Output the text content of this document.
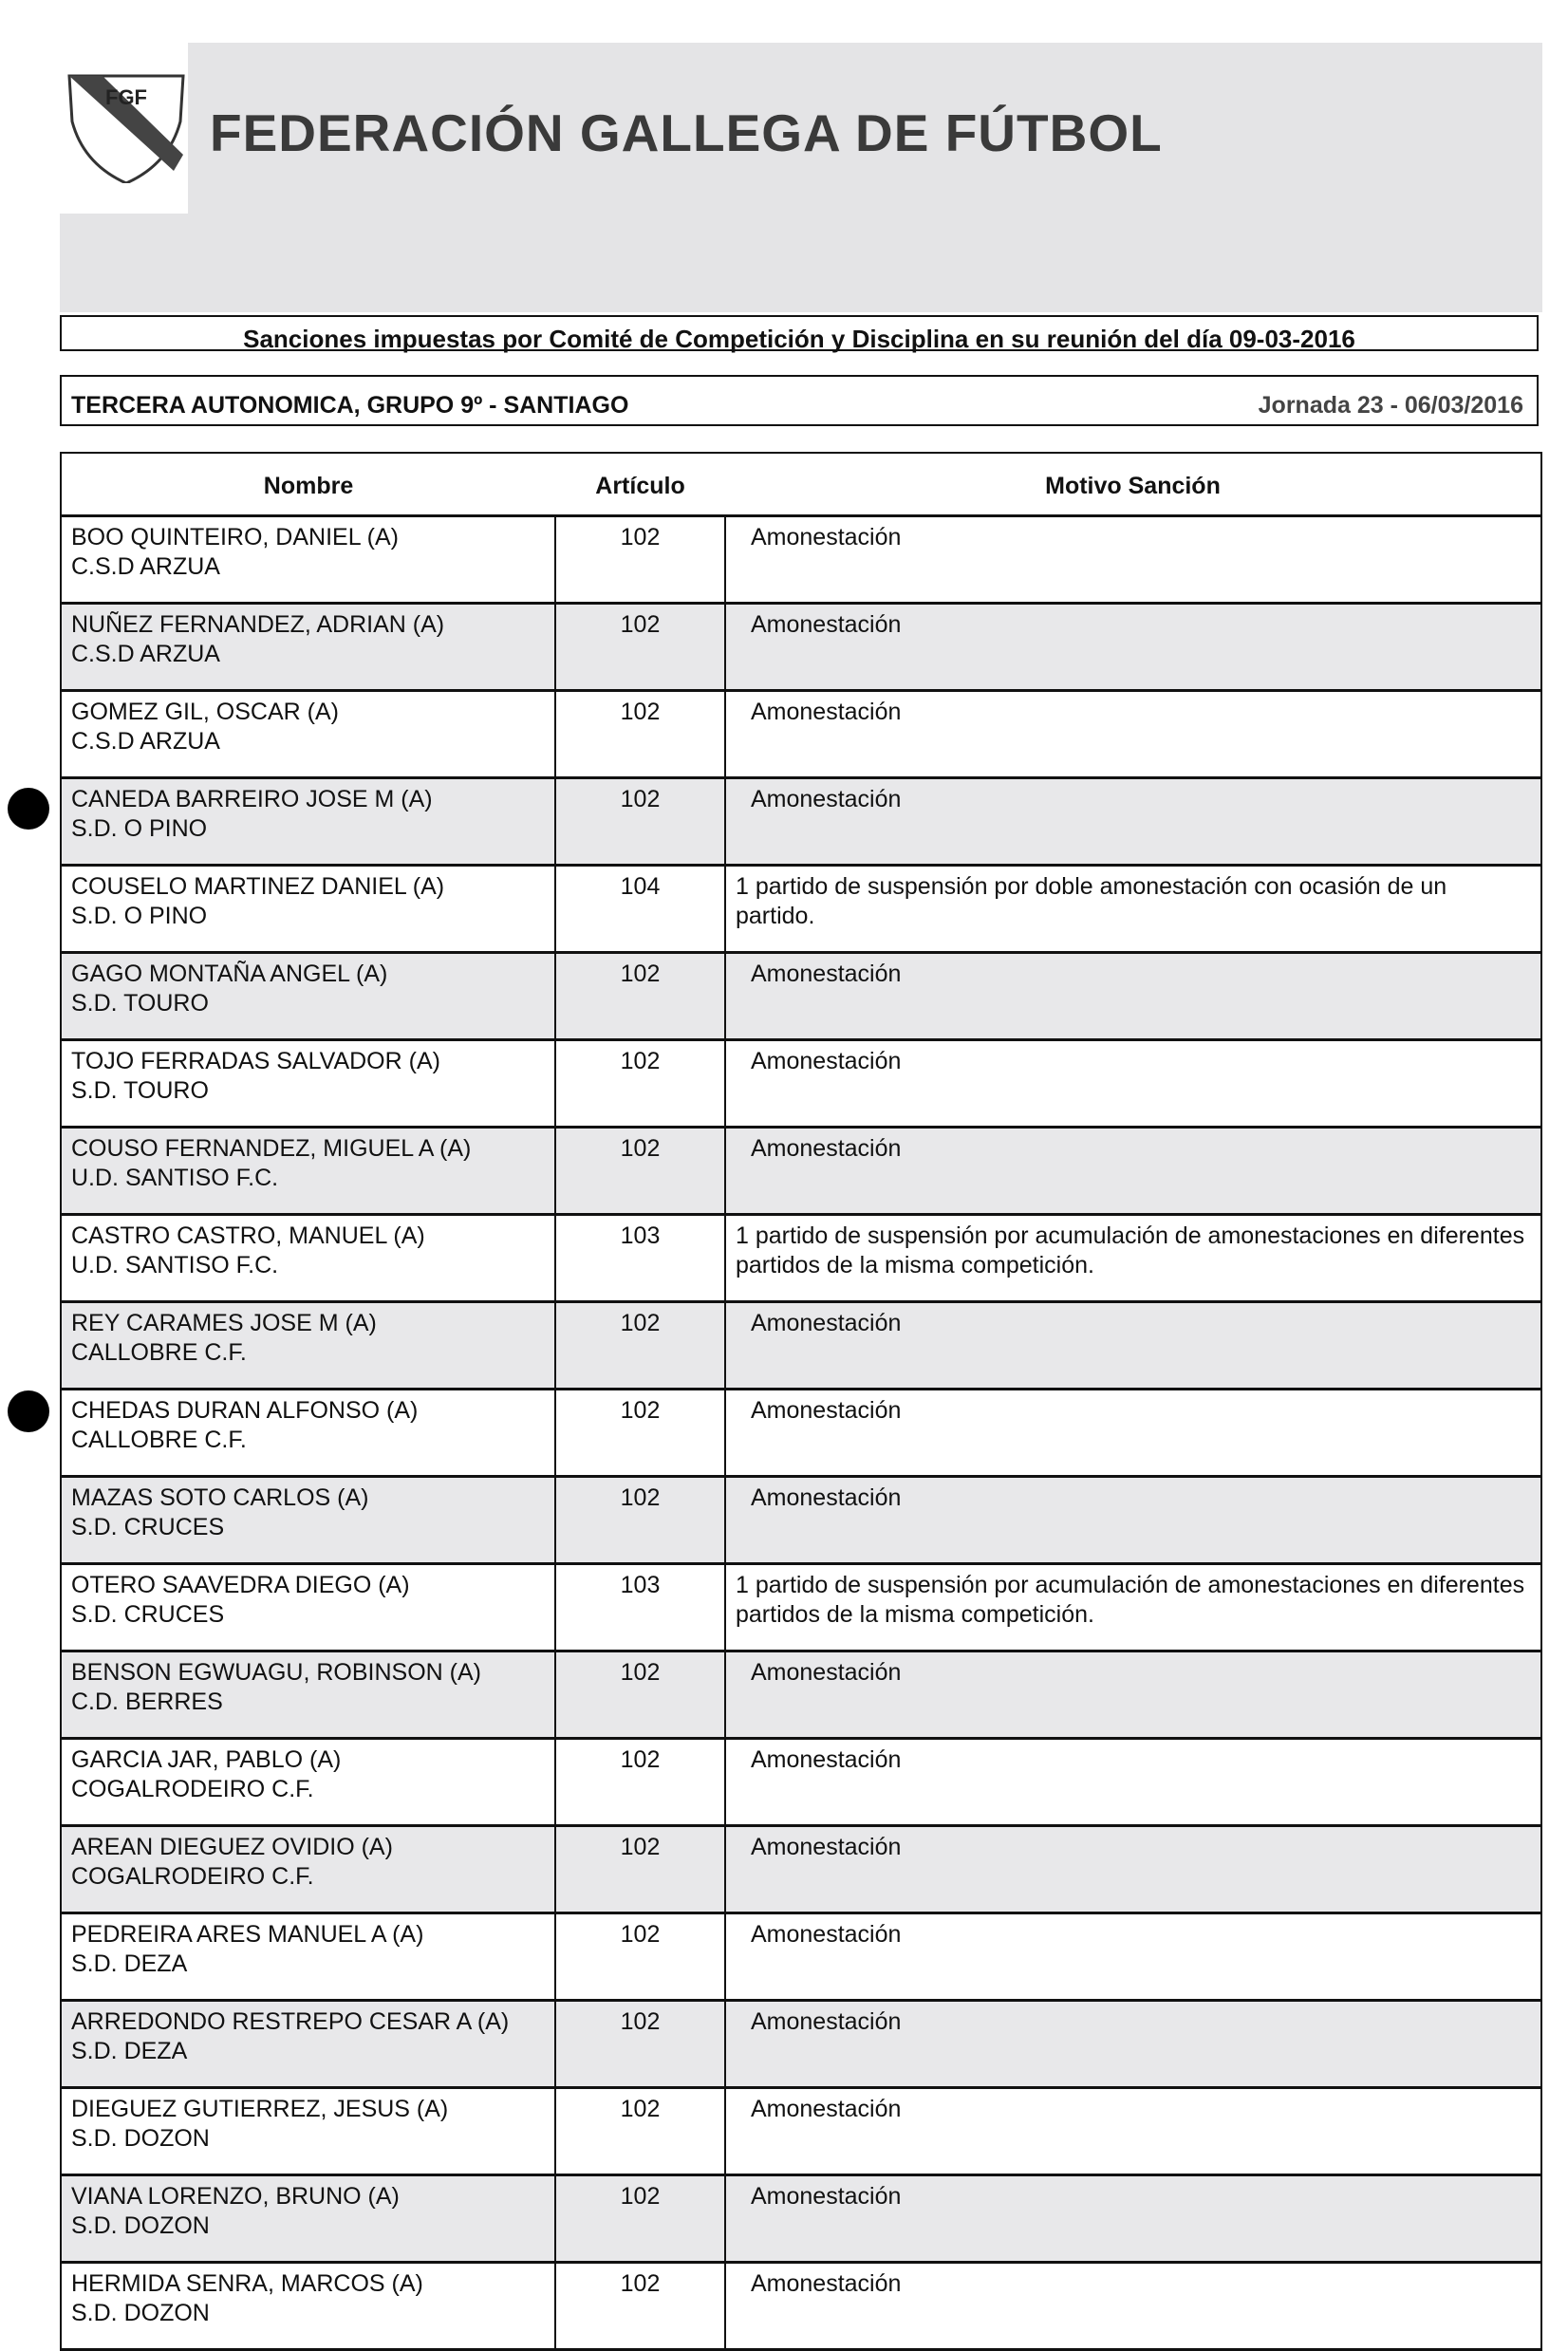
FGF
FEDERACIÓN GALLEGA DE FÚTBOL
Sanciones impuestas por Comité de Competición y Disciplina en su reunión del día 09-03-2016
TERCERA AUTONOMICA, GRUPO 9º - SANTIAGO	Jornada 23 - 06/03/2016
Nombre	Artículo	Motivo Sanción

BOO QUINTEIRO, DANIEL (A)
C.S.D ARZUA	102	Amonestación

NUÑEZ FERNANDEZ, ADRIAN (A)
C.S.D ARZUA	102	Amonestación

GOMEZ GIL, OSCAR (A)
C.S.D ARZUA	102	Amonestación

CANEDA BARREIRO JOSE M (A)
S.D. O PINO	102	Amonestación

COUSELO MARTINEZ DANIEL (A)
S.D. O PINO	104	1 partido de suspensión por doble amonestación con ocasión de un partido.

GAGO MONTAÑA ANGEL (A)
S.D. TOURO	102	Amonestación

TOJO FERRADAS SALVADOR (A)
S.D. TOURO	102	Amonestación

COUSO FERNANDEZ, MIGUEL A (A)
U.D. SANTISO F.C.	102	Amonestación

CASTRO CASTRO, MANUEL (A)
U.D. SANTISO F.C.	103	1 partido de suspensión por acumulación de amonestaciones en diferentes partidos de la misma competición.

REY CARAMES JOSE M (A)
CALLOBRE C.F.	102	Amonestación

CHEDAS DURAN ALFONSO (A)
CALLOBRE C.F.	102	Amonestación

MAZAS SOTO CARLOS (A)
S.D. CRUCES	102	Amonestación

OTERO SAAVEDRA DIEGO (A)
S.D. CRUCES	103	1 partido de suspensión por acumulación de amonestaciones en diferentes partidos de la misma competición.

BENSON EGWUAGU, ROBINSON (A)
C.D. BERRES	102	Amonestación

GARCIA JAR, PABLO (A)
COGALRODEIRO C.F.	102	Amonestación

AREAN DIEGUEZ OVIDIO (A)
COGALRODEIRO C.F.	102	Amonestación

PEDREIRA ARES MANUEL A (A)
S.D. DEZA	102	Amonestación

ARREDONDO RESTREPO CESAR A (A)
S.D. DEZA	102	Amonestación

DIEGUEZ GUTIERREZ, JESUS (A)
S.D. DOZON	102	Amonestación

VIANA LORENZO, BRUNO (A)
S.D. DOZON	102	Amonestación

HERMIDA SENRA, MARCOS (A)
S.D. DOZON	102	Amonestación
